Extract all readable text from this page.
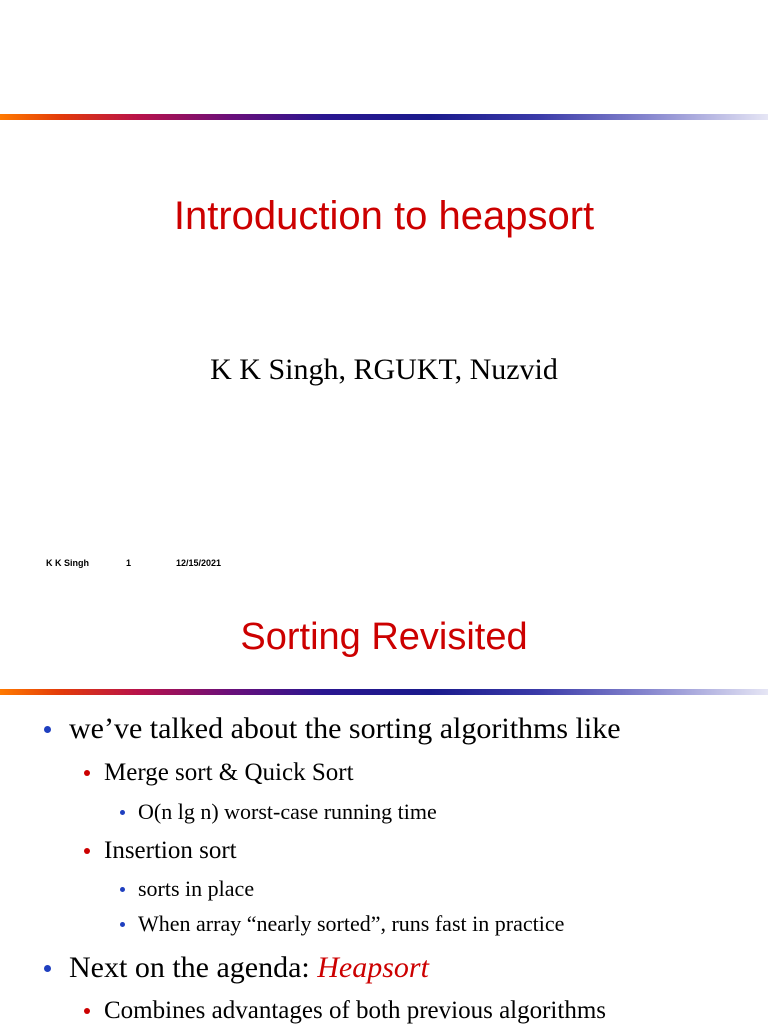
Introduction to heapsort
K K Singh, RGUKT, Nuzvid
K K Singh	1	12/15/2021
Sorting Revisited
we’ve talked about the sorting algorithms like
Merge sort & Quick Sort
O(n lg n) worst-case running time
Insertion sort
sorts in place
When array “nearly sorted”, runs fast in practice
Next on the agenda: Heapsort
Combines advantages of both previous algorithms
